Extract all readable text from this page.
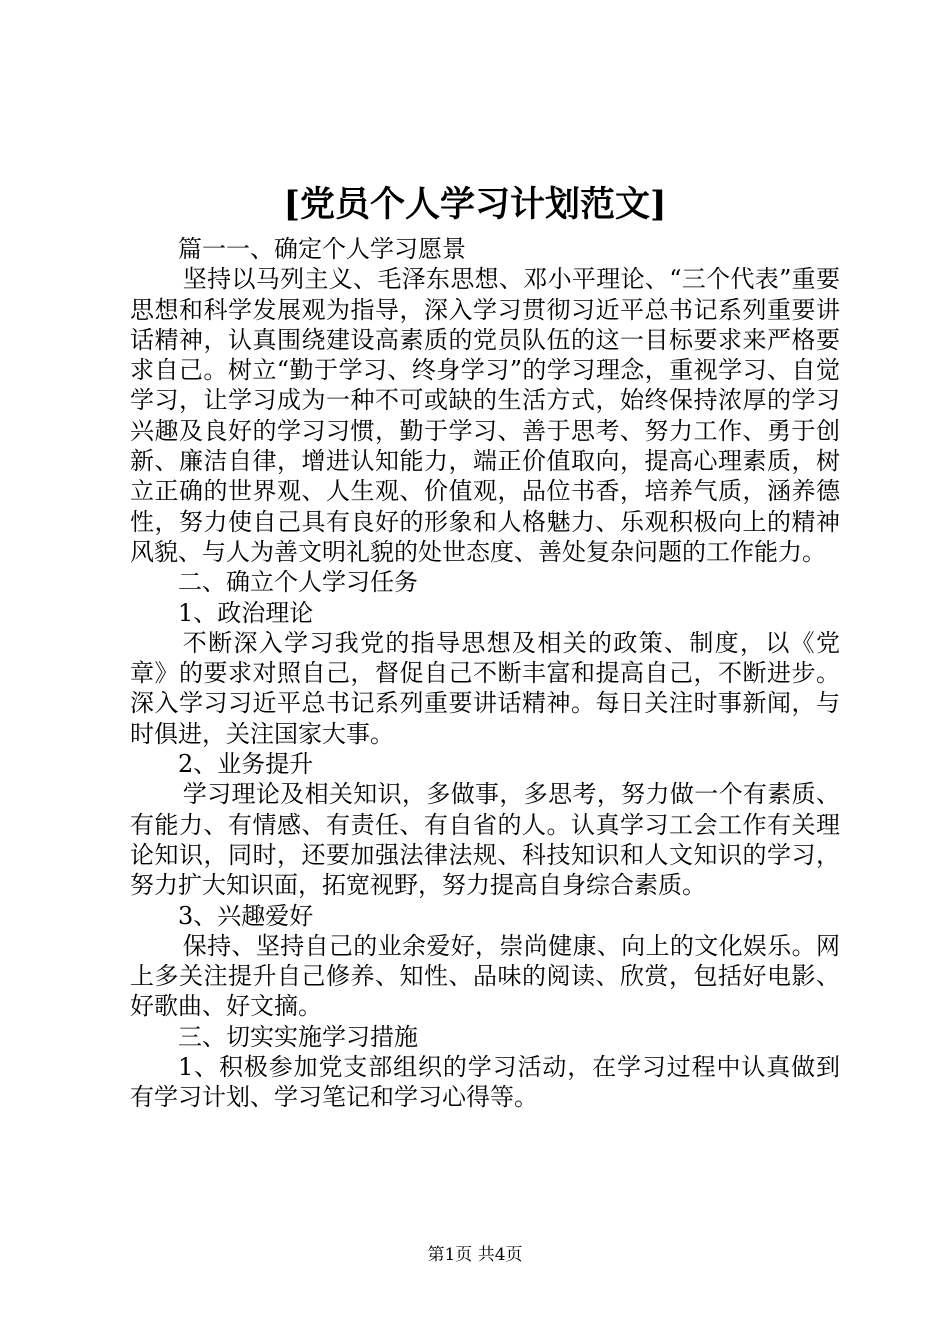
[党员个人学习计划范文]

篇一一、确定个人学习愿景

坚持以马列主义、毛泽东思想、邓小平理论、“三个代表”重要思想和科学发展观为指导，深入学习贯彻习近平总书记系列重要讲话精神，认真围绕建设高素质的党员队伍的这一目标要求来严格要求自己。树立“勤于学习、终身学习”的学习理念，重视学习、自觉学习，让学习成为一种不可或缺的生活方式，始终保持浓厚的学习兴趣及良好的学习习惯，勤于学习、善于思考、努力工作、勇于创新、廉洁自律，增进认知能力，端正价值取向，提高心理素质，树立正确的世界观、人生观、价值观，品位书香，培养气质，涵养德性，努力使自己具有良好的形象和人格魅力、乐观积极向上的精神风貌、与人为善文明礼貌的处世态度、善处复杂问题的工作能力。

二、确立个人学习任务

1、政治理论

不断深入学习我党的指导思想及相关的政策、制度，以《党章》的要求对照自己，督促自己不断丰富和提高自己，不断进步。深入学习习近平总书记系列重要讲话精神。每日关注时事新闻，与时俱进，关注国家大事。

2、业务提升

学习理论及相关知识，多做事，多思考，努力做一个有素质、有能力、有情感、有责任、有自省的人。认真学习工会工作有关理论知识，同时，还要加强法律法规、科技知识和人文知识的学习，努力扩大知识面，拓宽视野，努力提高自身综合素质。

3、兴趣爱好

保持、坚持自己的业余爱好，崇尚健康、向上的文化娱乐。网上多关注提升自己修养、知性、品味的阅读、欣赏，包括好电影、好歌曲、好文摘。

三、切实实施学习措施

1、积极参加党支部组织的学习活动，在学习过程中认真做到有学习计划、学习笔记和学习心得等。

第1页 共4页
